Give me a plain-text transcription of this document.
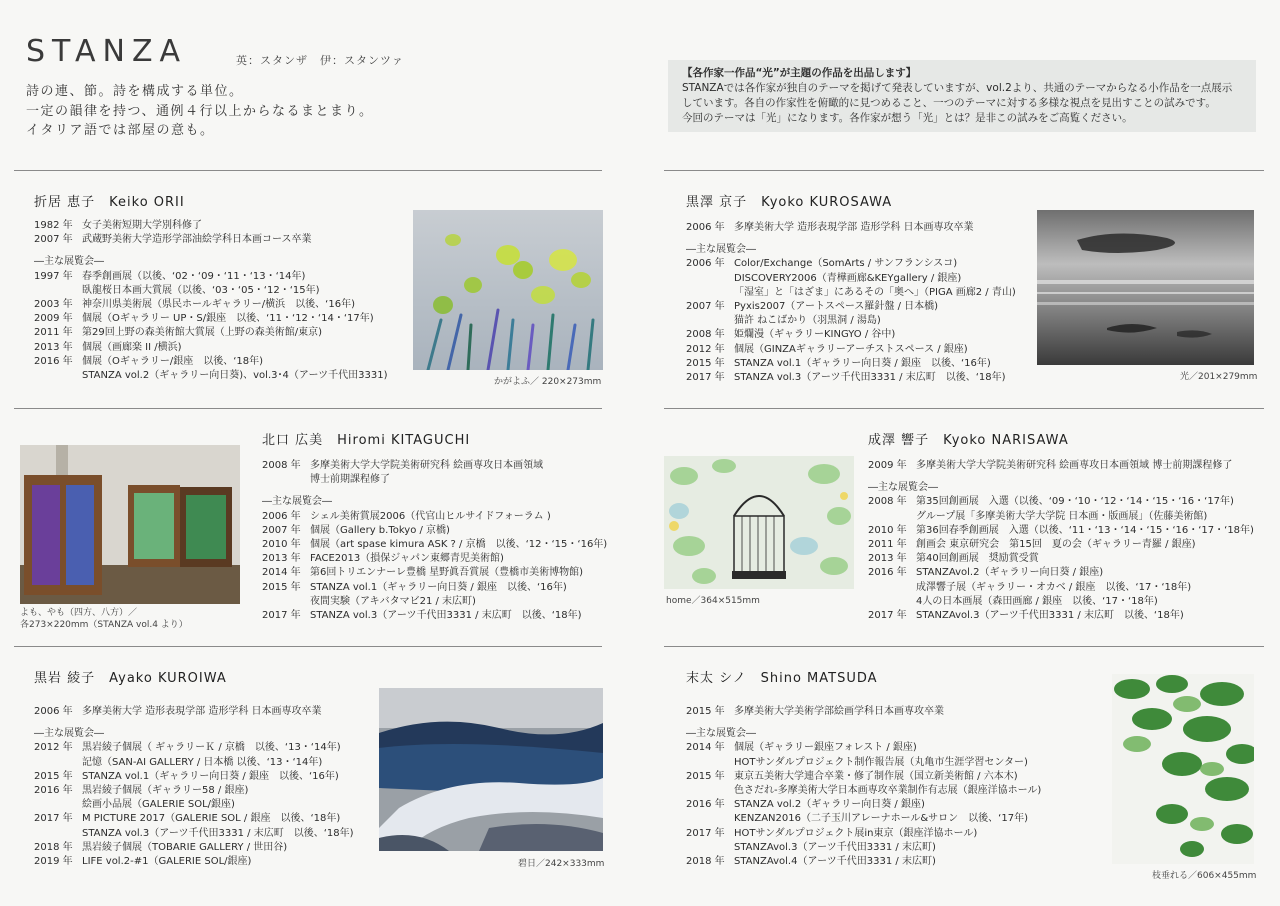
STANZA	英：スタンザ　伊：スタンツァ
詩の連、節。詩を構成する単位。
一定の韻律を持つ、通例４行以上からなるまとまり。
イタリア語では部屋の意も。
【各作家一作品“光”が主題の作品を出品します】
STANZAでは各作家が独自のテーマを掲げて発表していますが、vol.2より、共通のテーマからなる小作品を一点展示
しています。各自の作家性を俯瞰的に見つめること、一つのテーマに対する多様な視点を見出すことの試みです。
今回のテーマは「光」になります。各作家が想う「光」とは？是非この試みをご高覧ください。
折居 恵子 Keiko ORII
1982 年 女子美術短期大学別科修了
2007 年 武蔵野美術大学造形学部油絵学科日本画コース卒業
―主な展覧会―
1997 年 春季創画展（以後、‘02・‘09・‘11・‘13・‘14年)
臥龍桜日本画大賞展（以後、‘03・‘05・‘12・‘15年)
2003 年 神奈川県美術展（県民ホールギャラリー/横浜　以後、‘16年)
2009 年 個展（Oギャラリー UP・S/銀座　以後、‘11・‘12・‘14・‘17年)
2011 年 第29回上野の森美術館大賞展（上野の森美術館/東京)
2013 年 個展（画廊楽 II /横浜)
2016 年 個展（Oギャラリー/銀座　以後、‘18年)
STANZA vol.2（ギャラリー向日葵)、vol.3･4（アーツ千代田3331)
かがよふ／ 220×273mm
黒澤 京子 Kyoko KUROSAWA
2006 年 多摩美術大学 造形表現学部 造形学科 日本画専攻卒業
―主な展覧会―
2006 年 Color/Exchange（SomArts / サンフランシスコ)
DISCOVERY2006（青樺画廊&KEYgallery / 銀座)
「湿室」と「はざま」にあるその「奥へ」（PIGA 画廊2 / 青山)
2007 年 Pyxis2007（アートスペース羅針盤 / 日本橋)
猫許 ねこばかり（羽黒洞 / 湯島)
2008 年 姫爛漫（ギャラリーKINGYO / 谷中)
2012 年 個展（GINZAギャラリーアーチストスペース / 銀座)
2015 年 STANZA vol.1（ギャラリー向日葵 / 銀座　以後、‘16年)
2017 年 STANZA vol.3（アーツ千代田3331 / 末広町　以後、‘18年)	光／201×279mm
北口 広美 Hiromi KITAGUCHI
2008 年 多摩美術大学大学院美術研究科 絵画専攻日本画領域
博士前期課程修了
―主な展覧会―
2006 年 シェル美術賞展2006（代官山ヒルサイドフォーラム )
2007 年 個展（Gallery b.Tokyo / 京橋)
2010 年 個展（art spase kimura ASK ? / 京橋　以後、‘12・‘15・‘16年)
2013 年 FACE2013（損保ジャパン東郷青児美術館)
2014 年 第6回トリエンナーレ豊橋 星野眞吾賞展（豊橋市美術博物館)
2015 年 STANZA vol.1（ギャラリー向日葵 / 銀座　以後、‘16年)
夜間実験（アキバタマビ21 / 末広町)
2017 年 STANZA vol.3（アーツ千代田3331 / 末広町　以後、‘18年)
よも、やも（四方、八方）／
各273×220mm（STANZA vol.4 より）
成澤 響子 Kyoko NARISAWA
2009 年 多摩美術大学大学院美術研究科 絵画専攻日本画領域 博士前期課程修了
―主な展覧会―
2008 年 第35回創画展　入選（以後、‘09・‘10・‘12・‘14・‘15・‘16・‘17年)
グループ展「多摩美術大学大学院 日本画・版画展」（佐藤美術館)
2010 年 第36回春季創画展　入選（以後、‘11・‘13・‘14・‘15・‘16・‘17・‘18年)
2011 年 創画会 東京研究会　第15回　夏の会（ギャラリー青羅 / 銀座)
2013 年 第40回創画展　奨励賞受賞
2016 年 STANZAvol.2（ギャラリー向日葵 / 銀座)
成澤響子展（ギャラリー・オカベ / 銀座　以後、‘17・‘18年)
4人の日本画展（森田画廊 / 銀座　以後、‘17・‘18年)
2017 年 STANZAvol.3（アーツ千代田3331 / 末広町　以後、‘18年)
home／364×515mm
黒岩 綾子 Ayako KUROIWA
2006 年 多摩美術大学 造形表現学部 造形学科 日本画専攻卒業
―主な展覧会―
2012 年 黒岩綾子個展（ ギャラリーＫ / 京橋　以後、‘13・‘14年)
記憶（SAN-AI GALLERY / 日本橋 以後、‘13・‘14年)
2015 年 STANZA vol.1（ギャラリー向日葵 / 銀座　以後、‘16年)
2016 年 黒岩綾子個展（ギャラリー58 / 銀座)
絵画小品展（GALERIE SOL/銀座)
2017 年 M PICTURE 2017（GALERIE SOL / 銀座　以後、‘18年)
STANZA vol.3（アーツ千代田3331 / 末広町　以後、‘18年)
2018 年 黒岩綾子個展（TOBARIE GALLERY / 世田谷)
2019 年 LIFE vol.2-#1（GALERIE SOL/銀座)	碧日／242×333mm
末太 シノ Shino MATSUDA
2015 年 多摩美術大学美術学部絵画学科日本画専攻卒業
―主な展覧会―
2014 年 個展（ギャラリー銀座フォレスト / 銀座)
HOTサンダルプロジェクト制作報告展（丸亀市生涯学習センター)
2015 年 東京五美術大学連合卒業・修了制作展（国立新美術館 / 六本木)
色さだれ-多摩美術大学日本画専攻卒業制作有志展（銀座洋協ホール)
2016 年 STANZA vol.2（ギャラリー向日葵 / 銀座)
KENZAN2016（二子玉川アレーナホール&サロン　以後、‘17年)
2017 年 HOTサンダルプロジェクト展in東京（銀座洋協ホール)
STANZAvol.3（アーツ千代田3331 / 末広町)
2018 年 STANZAvol.4（アーツ千代田3331 / 末広町)
枝垂れる／606×455mm
